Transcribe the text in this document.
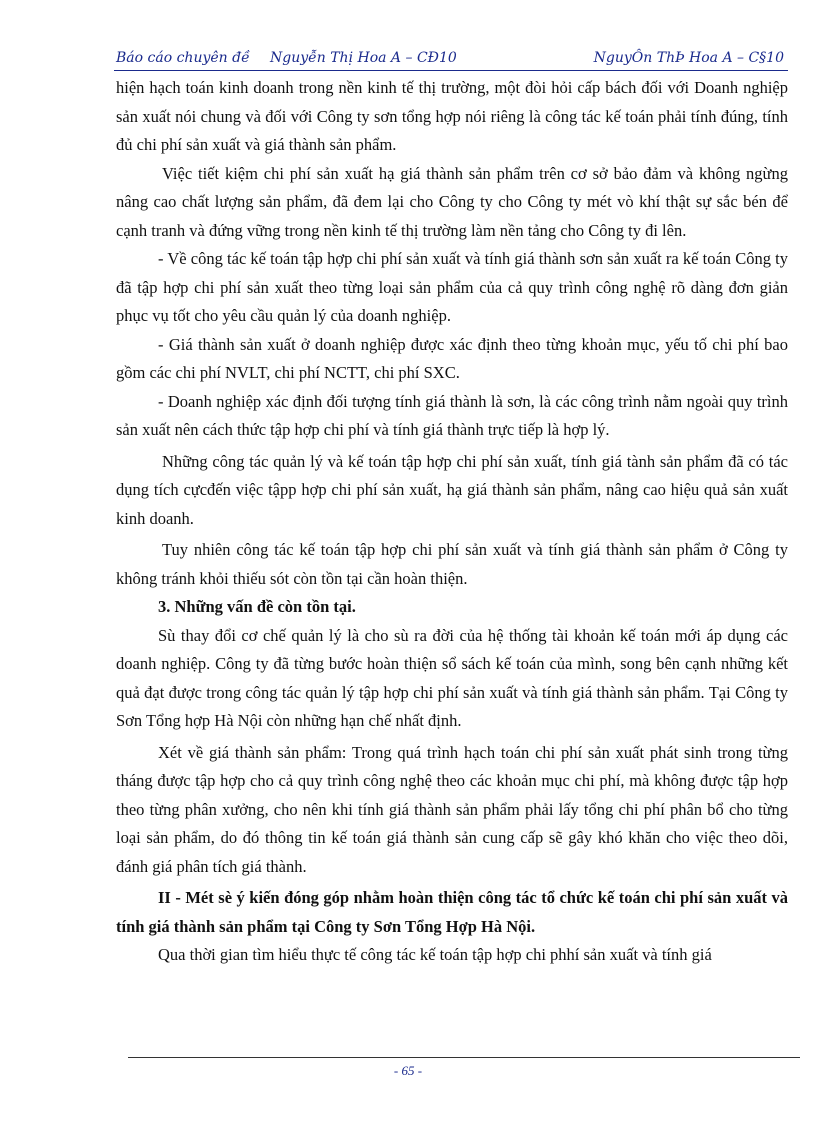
Báo cáo chuyên đề Nguyễn Thị Hoa A – CĐ10	NguyÔn ThÞ Hoa A – C§10

hiện hạch toán kinh doanh trong nền kinh tế thị trường, một đòi hỏi cấp bách đối với Doanh nghiệp sản xuất nói chung và đối với Công ty sơn tổng hợp nói riêng là công tác kế toán phải tính đúng, tính đủ chi phí sản xuất và giá thành sản phẩm.

Việc tiết kiệm chi phí sản xuất hạ giá thành sản phẩm trên cơ sở bảo đảm và không ngừng nâng cao chất lượng sản phẩm, đã đem lại cho Công ty cho Công ty mét vò khí thật sự sắc bén để cạnh tranh và đứng vững trong nền kinh tế thị trường làm nền tảng cho Công ty đi lên.

- Về công tác kế toán tập hợp chi phí sản xuất và tính giá thành sơn sản xuất ra kế toán Công ty đã tập hợp chi phí sản xuất theo từng loại sản phẩm của cả quy trình công nghệ rõ dàng đơn giản phục vụ tốt cho yêu cầu quản lý của doanh nghiệp.

- Giá thành sản xuất ở doanh nghiệp được xác định theo từng khoản mục, yếu tố chi phí bao gồm các chi phí NVLT, chi phí NCTT, chi phí SXC.

- Doanh nghiệp xác định đối tượng tính giá thành là sơn, là các công trình nằm ngoài quy trình sản xuất nên cách thức tập hợp chi phí và tính giá thành trực tiếp là hợp lý.

Những công tác quản lý và kế toán tập hợp chi phí sản xuất, tính giá tành sản phẩm đã có tác dụng tích cựcđến việc tậpp hợp chi phí sản xuất, hạ giá thành sản phẩm, nâng cao hiệu quả sản xuất kinh doanh.

Tuy nhiên công tác kế toán tập hợp chi phí sản xuất và tính giá thành sản phẩm ở Công ty không tránh khỏi thiếu sót còn tồn tại cần hoàn thiện.

3. Những vấn đề còn tồn tại.

Sù thay đổi cơ chế quản lý là cho sù ra đời của hệ thống tài khoản kế toán mới áp dụng các doanh nghiệp. Công ty đã từng bước hoàn thiện sổ sách kế toán của mình, song bên cạnh những kết quả đạt được trong công tác quản lý tập hợp chi phí sản xuất và tính giá thành sản phẩm. Tại Công ty Sơn Tổng hợp Hà Nội còn những hạn chế nhất định.

Xét về giá thành sản phẩm: Trong quá trình hạch toán chi phí sản xuất phát sinh trong từng tháng được tập hợp cho cả quy trình công nghệ theo các khoản mục chi phí, mà không được tập hợp theo từng phân xưởng, cho nên khi tính giá thành sản phẩm phải lấy tổng chi phí phân bổ cho từng loại sản phẩm, do đó thông tin kế toán giá thành sản cung cấp sẽ gây khó khăn cho việc theo dõi, đánh giá phân tích giá thành.

II - Mét sè ý kiến đóng góp nhằm hoàn thiện công tác tổ chức kế toán chi phí sản xuất và tính giá thành sản phẩm tại Công ty Sơn Tổng Hợp Hà Nội.

Qua thời gian tìm hiểu thực tế công tác kế toán tập hợp chi phhí sản xuất và tính giá

- 65 -
